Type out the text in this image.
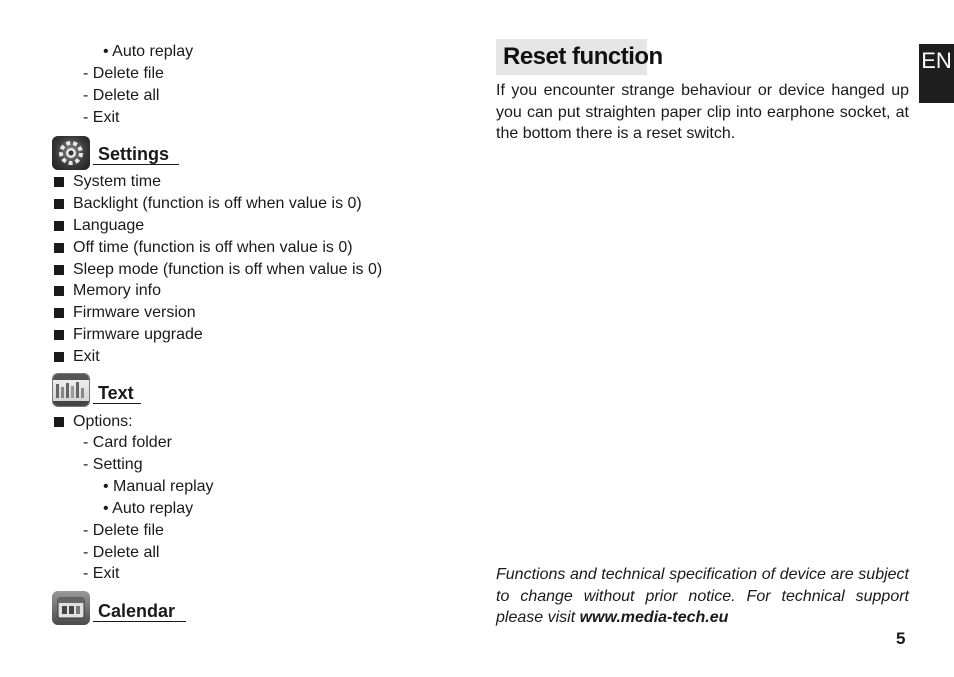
• Auto replay
- Delete file
- Delete all
- Exit
Settings
System time
Backlight (function is off when value is 0)
Language
Off time (function is off when value is 0)
Sleep mode (function is off when value is 0)
Memory info
Firmware version
Firmware upgrade
Exit
Text
Options:
- Card folder
- Setting
• Manual replay
• Auto replay
- Delete file
- Delete all
- Exit
Calendar
Reset function
If you encounter strange behaviour or device hanged up you can put straighten paper clip into earphone socket, at the bottom there is a reset switch.
Functions and technical specification of device are subject to change without prior notice. For technical support please visit www.media-tech.eu
EN
5
